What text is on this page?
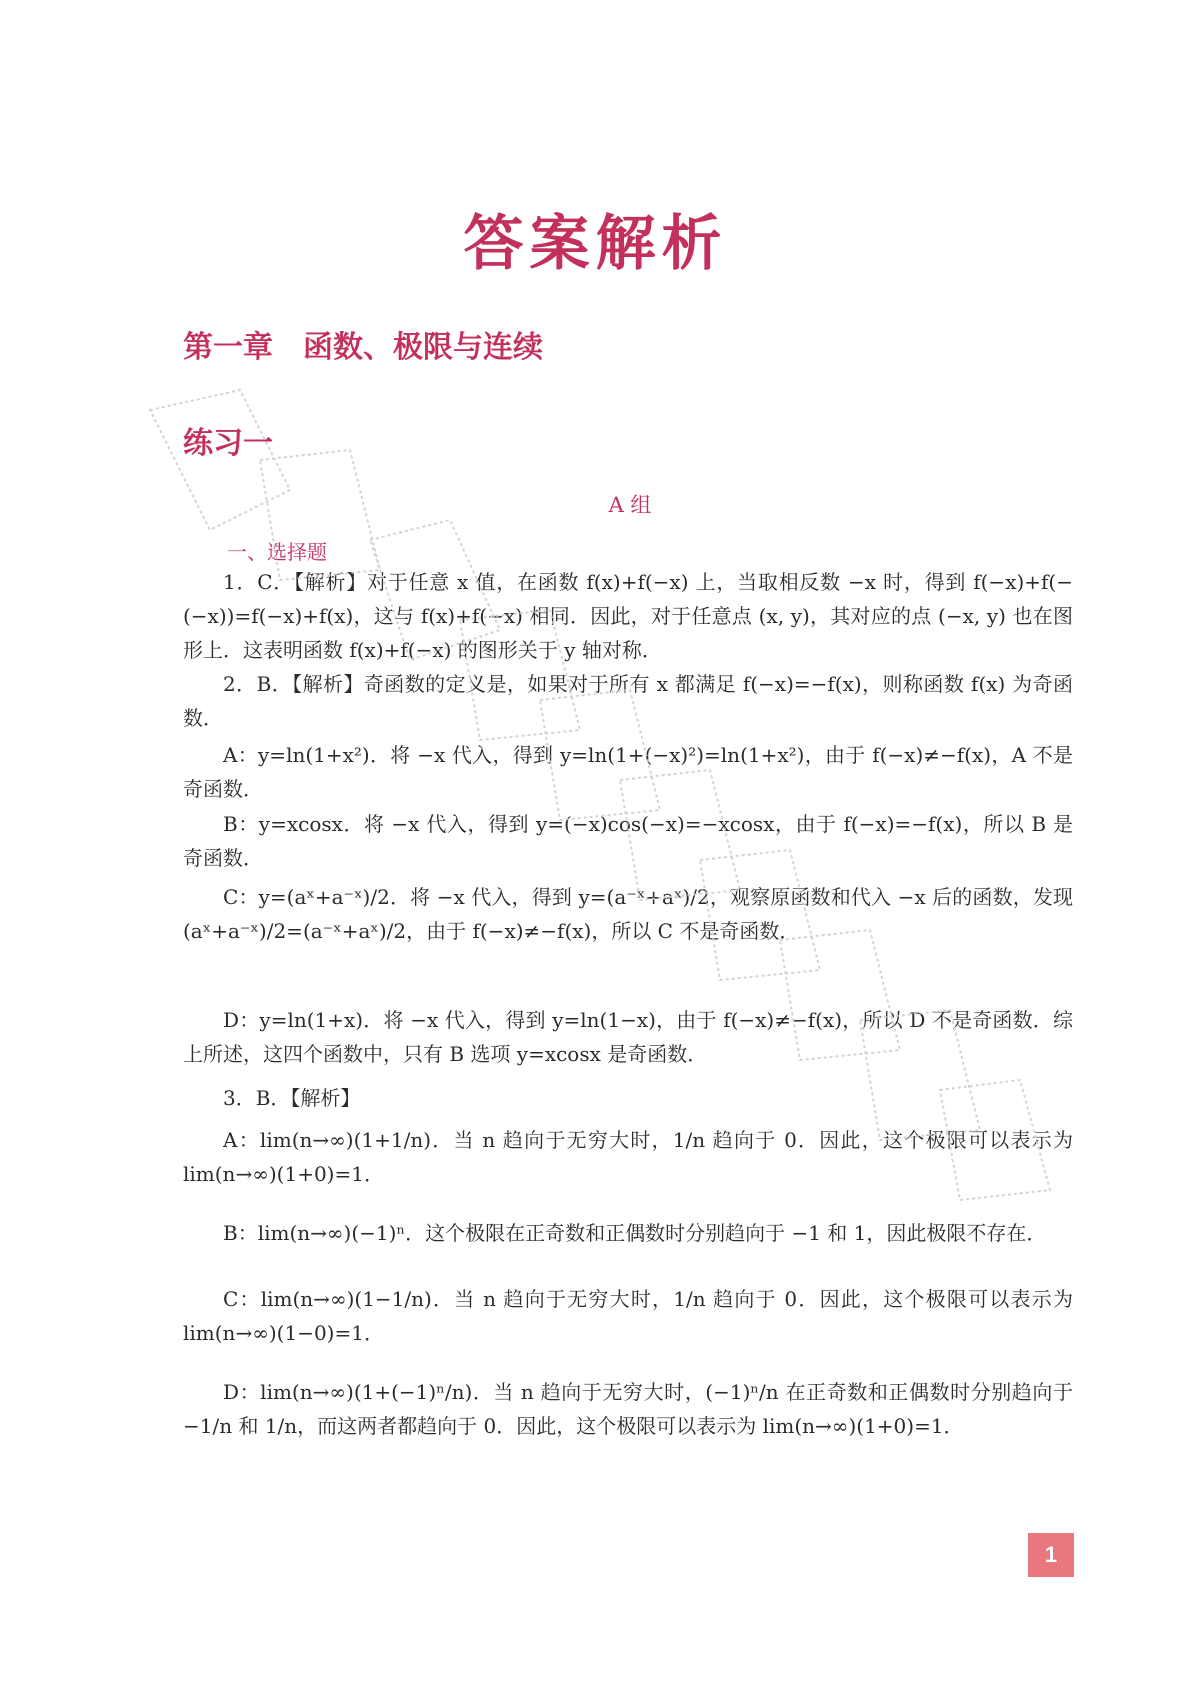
答案解析
第一章　函数、极限与连续
练习一
A 组
一、选择题

1．C．【解析】对于任意 x 值，在函数 f(x)+f(−x) 上，当取相反数 −x 时，得到 f(−x)+f(−(−x))=f(−x)+f(x)，这与 f(x)+f(−x) 相同．因此，对于任意点 (x, y)，其对应的点 (−x, y) 也在图形上．这表明函数 f(x)+f(−x) 的图形关于 y 轴对称．

2．B．【解析】奇函数的定义是，如果对于所有 x 都满足 f(−x)=−f(x)，则称函数 f(x) 为奇函数．

A：y=ln(1+x²)．将 −x 代入，得到 y=ln(1+(−x)²)=ln(1+x²)，由于 f(−x)≠−f(x)，A 不是奇函数．

B：y=xcosx．将 −x 代入，得到 y=(−x)cos(−x)=−xcosx，由于 f(−x)=−f(x)，所以 B 是奇函数．

C：y=(aˣ+a⁻ˣ)/2．将 −x 代入，得到 y=(a⁻ˣ+aˣ)/2，观察原函数和代入 −x 后的函数，发现 (aˣ+a⁻ˣ)/2=(a⁻ˣ+aˣ)/2，由于 f(−x)≠−f(x)，所以 C 不是奇函数．

D：y=ln(1+x)．将 −x 代入，得到 y=ln(1−x)，由于 f(−x)≠−f(x)，所以 D 不是奇函数．综上所述，这四个函数中，只有 B 选项 y=xcosx 是奇函数．

3．B．【解析】

A：lim(n→∞)(1+1/n)．当 n 趋向于无穷大时，1/n 趋向于 0．因此，这个极限可以表示为 lim(n→∞)(1+0)=1．

B：lim(n→∞)(−1)ⁿ．这个极限在正奇数和正偶数时分别趋向于 −1 和 1，因此极限不存在．

C：lim(n→∞)(1−1/n)．当 n 趋向于无穷大时，1/n 趋向于 0．因此，这个极限可以表示为 lim(n→∞)(1−0)=1．

D：lim(n→∞)(1+(−1)ⁿ/n)．当 n 趋向于无穷大时，(−1)ⁿ/n 在正奇数和正偶数时分别趋向于 −1/n 和 1/n，而这两者都趋向于 0．因此，这个极限可以表示为 lim(n→∞)(1+0)=1．

1
